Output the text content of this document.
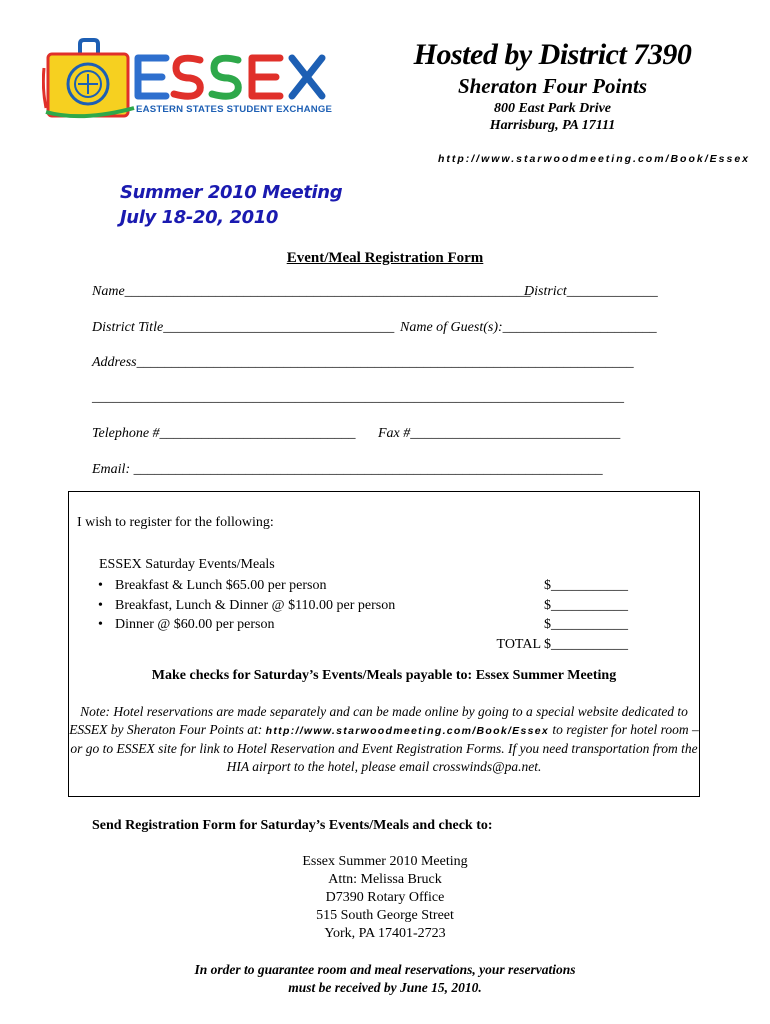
EASTERN STATES STUDENT EXCHANGE
Hosted by District 7390
Sheraton Four Points
800 East Park Drive
Harrisburg, PA 17111
http://www.starwoodmeeting.com/Book/Essex
Summer 2010 Meeting
July 18-20, 2010
Event/Meal Registration Form
Name__________________________________________________________
District_____________
District Title_________________________________ Name of Guest(s):______________________
Address_______________________________________________________________________
____________________________________________________________________________
Telephone #____________________________ Fax #______________________________
Email: ___________________________________________________________________
I wish to register for the following:
ESSEX Saturday Events/Meals
• Breakfast & Lunch $65.00 per person
• Breakfast, Lunch & Dinner @ $110.00 per person
• Dinner @ $60.00 per person
$___________
$___________
$___________
TOTAL $___________
Make checks for Saturday’s Events/Meals payable to: Essex Summer Meeting
Note: Hotel reservations are made separately and can be made online by going to a special website dedicated to ESSEX by Sheraton Four Points at: http://www.starwoodmeeting.com/Book/Essex to register for hotel room – or go to ESSEX site for link to Hotel Reservation and Event Registration Forms. If you need transportation from the HIA airport to the hotel, please email crosswinds@pa.net.
Send Registration Form for Saturday’s Events/Meals and check to:
Essex Summer 2010 Meeting
Attn: Melissa Bruck
D7390 Rotary Office
515 South George Street
York, PA 17401-2723
In order to guarantee room and meal reservations, your reservations
must be received by June 15, 2010.
